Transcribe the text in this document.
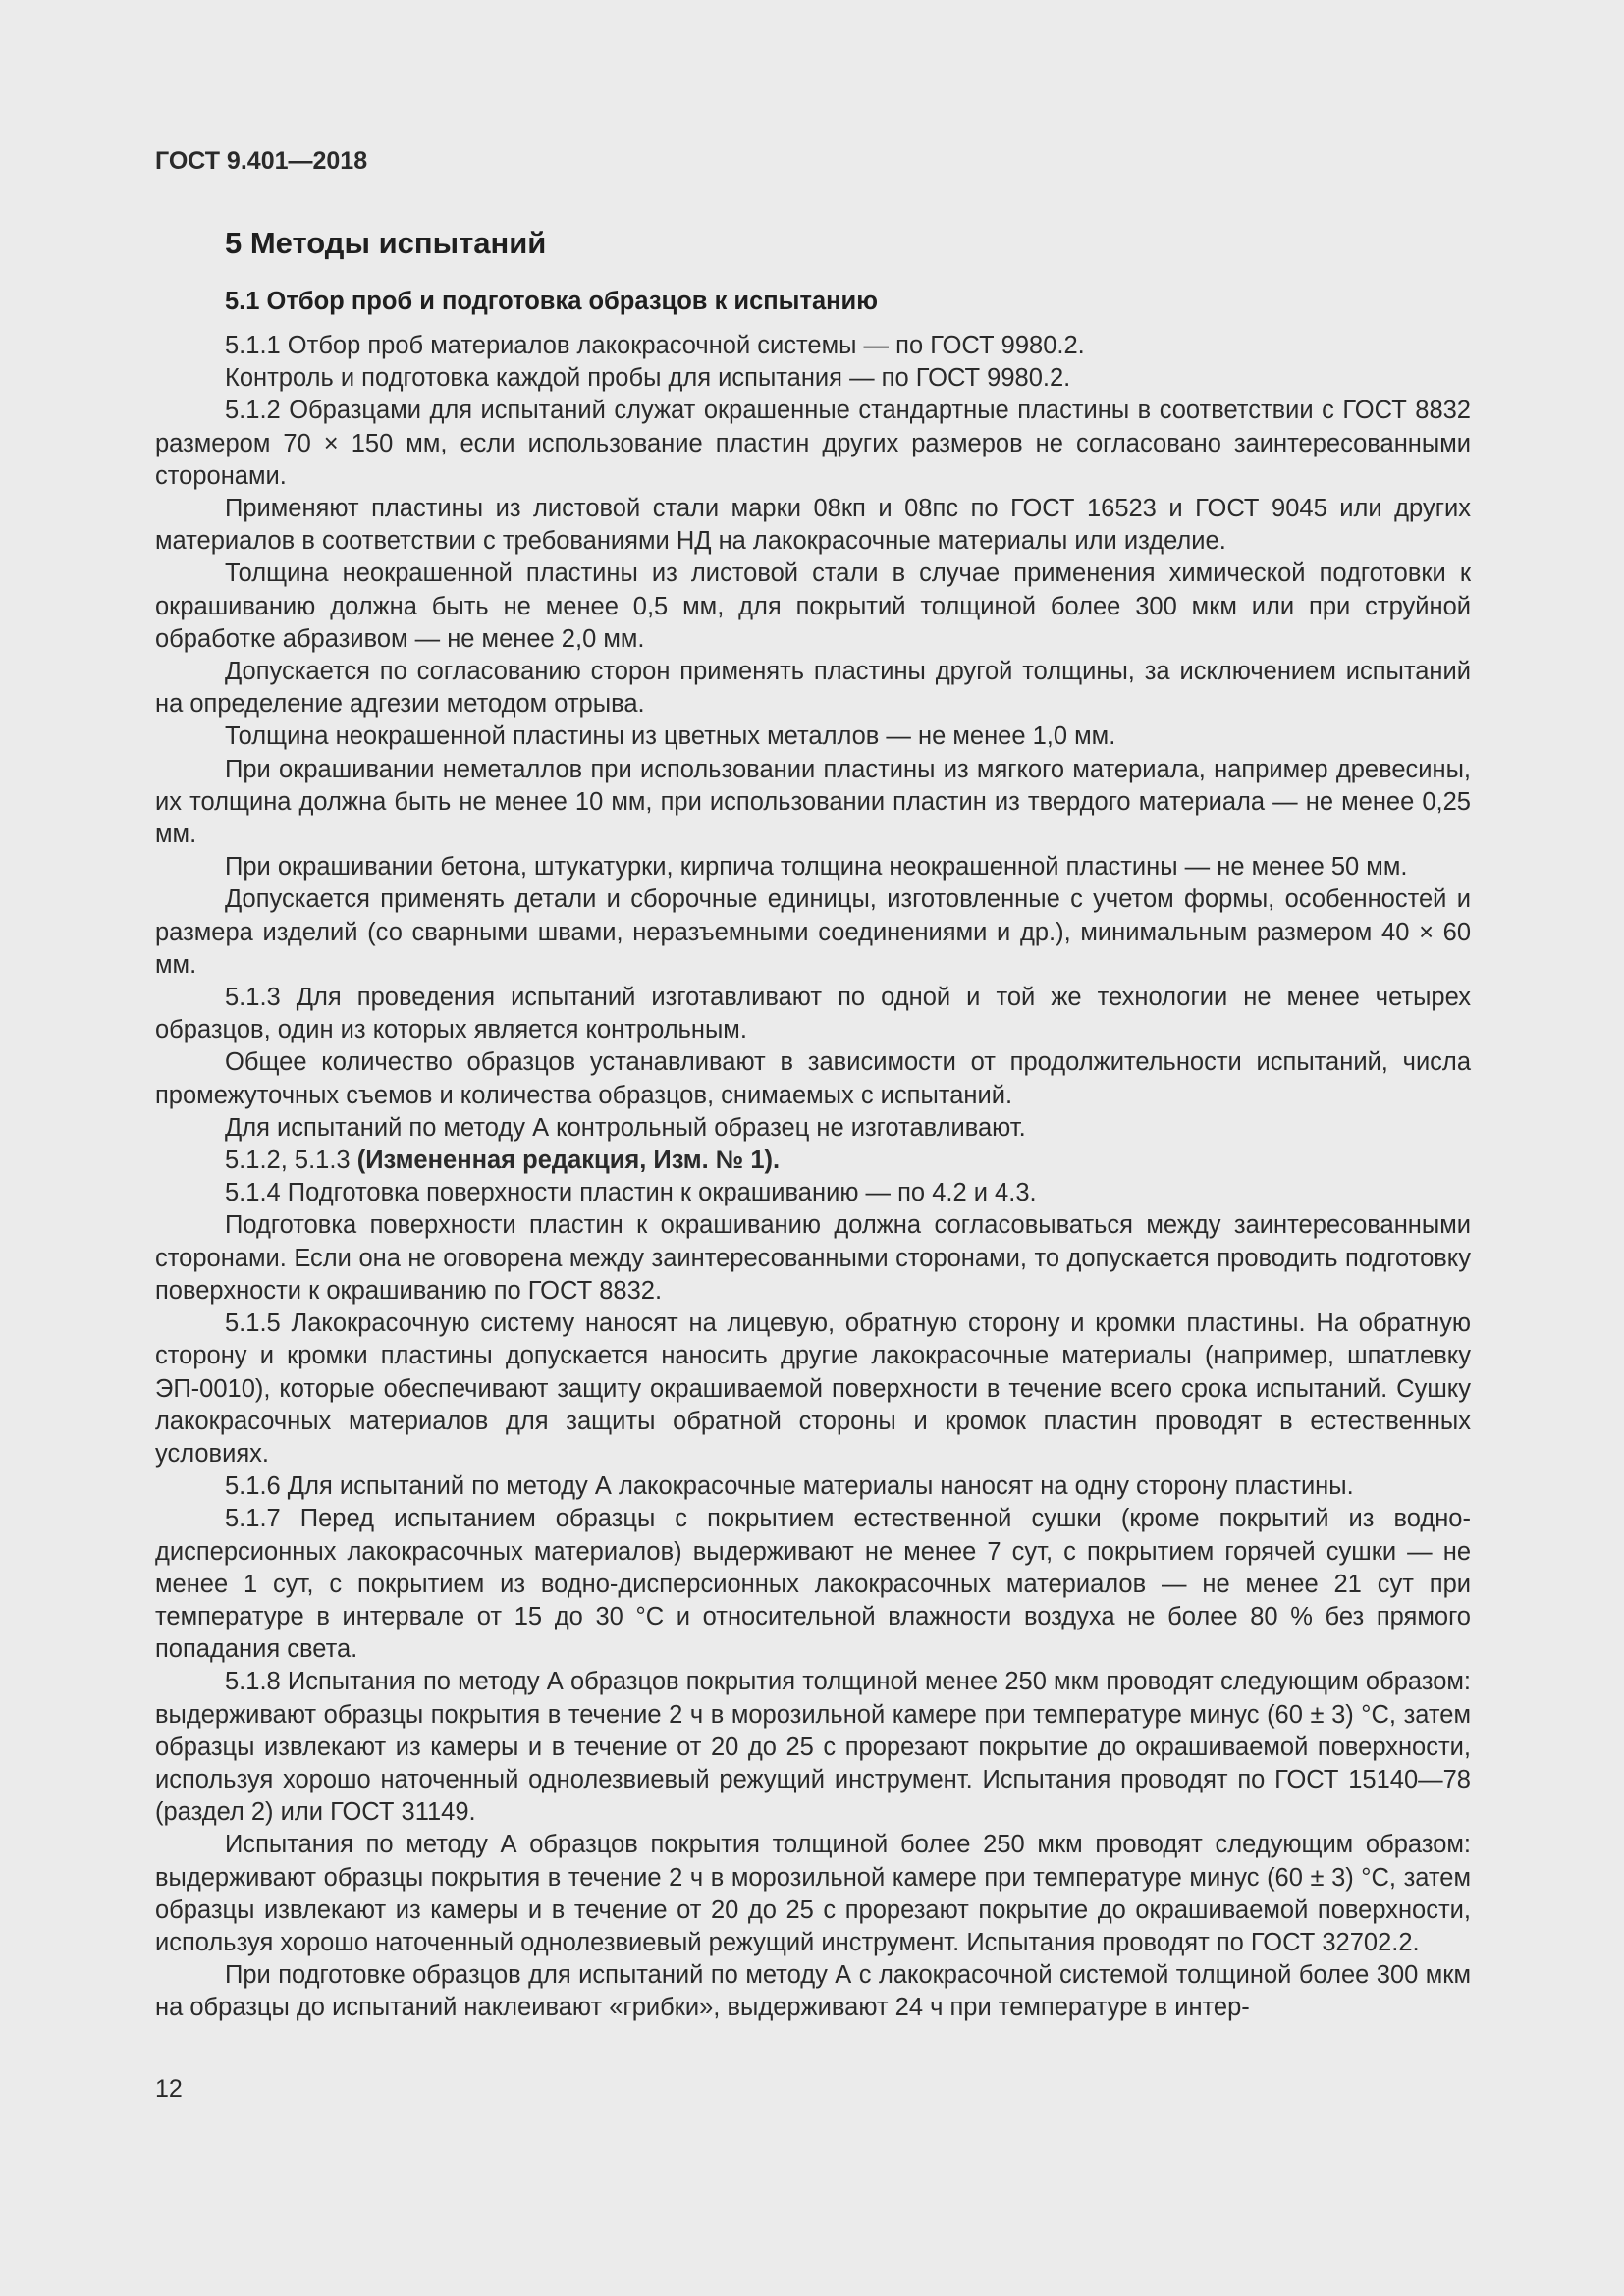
ГОСТ 9.401—2018
5 Методы испытаний
5.1 Отбор проб и подготовка образцов к испытанию

5.1.1 Отбор проб материалов лакокрасочной системы — по ГОСТ 9980.2.

Контроль и подготовка каждой пробы для испытания — по ГОСТ 9980.2.

5.1.2 Образцами для испытаний служат окрашенные стандартные пластины в соответствии с ГОСТ 8832 размером 70 × 150 мм, если использование пластин других размеров не согласовано заинтересованными сторонами.

Применяют пластины из листовой стали марки 08кп и 08пс по ГОСТ 16523 и ГОСТ 9045 или других материалов в соответствии с требованиями НД на лакокрасочные материалы или изделие.

Толщина неокрашенной пластины из листовой стали в случае применения химической подготовки к окрашиванию должна быть не менее 0,5 мм, для покрытий толщиной более 300 мкм или при струйной обработке абразивом — не менее 2,0 мм.

Допускается по согласованию сторон применять пластины другой толщины, за исключением испытаний на определение адгезии методом отрыва.

Толщина неокрашенной пластины из цветных металлов — не менее 1,0 мм.

При окрашивании неметаллов при использовании пластины из мягкого материала, например древесины, их толщина должна быть не менее 10 мм, при использовании пластин из твердого материала — не менее 0,25 мм.

При окрашивании бетона, штукатурки, кирпича толщина неокрашенной пластины — не менее 50 мм.

Допускается применять детали и сборочные единицы, изготовленные с учетом формы, особенностей и размера изделий (со сварными швами, неразъемными соединениями и др.), минимальным размером 40 × 60 мм.

5.1.3 Для проведения испытаний изготавливают по одной и той же технологии не менее четырех образцов, один из которых является контрольным.

Общее количество образцов устанавливают в зависимости от продолжительности испытаний, числа промежуточных съемов и количества образцов, снимаемых с испытаний.

Для испытаний по методу А контрольный образец не изготавливают.

5.1.2, 5.1.3 (Измененная редакция, Изм. № 1).

5.1.4 Подготовка поверхности пластин к окрашиванию — по 4.2 и 4.3.

Подготовка поверхности пластин к окрашиванию должна согласовываться между заинтересованными сторонами. Если она не оговорена между заинтересованными сторонами, то допускается проводить подготовку поверхности к окрашиванию по ГОСТ 8832.

5.1.5 Лакокрасочную систему наносят на лицевую, обратную сторону и кромки пластины. На обратную сторону и кромки пластины допускается наносить другие лакокрасочные материалы (например, шпатлевку ЭП-0010), которые обеспечивают защиту окрашиваемой поверхности в течение всего срока испытаний. Сушку лакокрасочных материалов для защиты обратной стороны и кромок пластин проводят в естественных условиях.

5.1.6 Для испытаний по методу А лакокрасочные материалы наносят на одну сторону пластины.

5.1.7 Перед испытанием образцы с покрытием естественной сушки (кроме покрытий из воднодисперсионных лакокрасочных материалов) выдерживают не менее 7 сут, с покрытием горячей сушки — не менее 1 сут, с покрытием из водно-дисперсионных лакокрасочных материалов — не менее 21 сут при температуре в интервале от 15 до 30 °С и относительной влажности воздуха не более 80 % без прямого попадания света.

5.1.8 Испытания по методу А образцов покрытия толщиной менее 250 мкм проводят следующим образом: выдерживают образцы покрытия в течение 2 ч в морозильной камере при температуре минус (60 ± 3) °С, затем образцы извлекают из камеры и в течение от 20 до 25 с прорезают покрытие до окрашиваемой поверхности, используя хорошо наточенный однолезвиевый режущий инструмент. Испытания проводят по ГОСТ 15140—78 (раздел 2) или ГОСТ 31149.

Испытания по методу А образцов покрытия толщиной более 250 мкм проводят следующим образом: выдерживают образцы покрытия в течение 2 ч в морозильной камере при температуре минус (60 ± 3) °С, затем образцы извлекают из камеры и в течение от 20 до 25 с прорезают покрытие до окрашиваемой поверхности, используя хорошо наточенный однолезвиевый режущий инструмент. Испытания проводят по ГОСТ 32702.2.

При подготовке образцов для испытаний по методу А с лакокрасочной системой толщиной более 300 мкм на образцы до испытаний наклеивают «грибки», выдерживают 24 ч при температуре в интер-

12
